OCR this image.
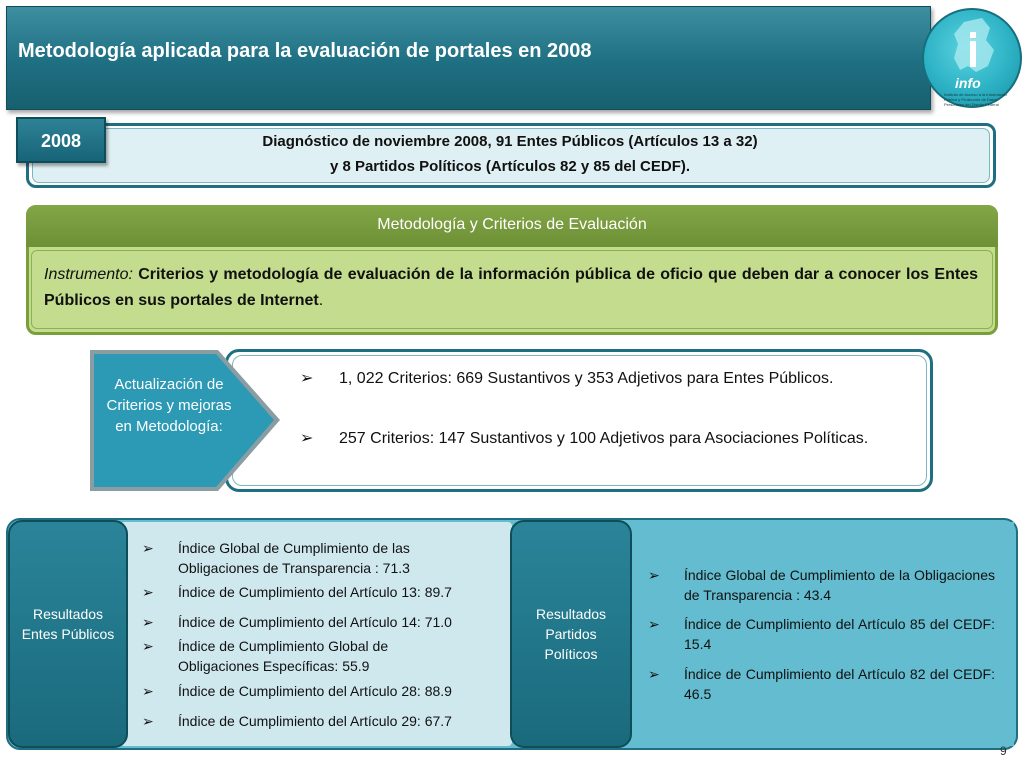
Metodología aplicada para la evaluación de portales en 2008
info
Instituto de Acceso a la Información Pública y Protección de Datos Personales del Distrito Federal
2008	Diagnóstico de noviembre 2008, 91 Entes Públicos (Artículos 13 a 32)
y 8 Partidos Políticos (Artículos 82 y 85 del CEDF).
Metodología y Criterios de Evaluación
Instrumento: Criterios y metodología de evaluación de la información pública de oficio que deben dar a conocer los Entes Públicos en sus portales de Internet.
Actualización de Criterios y mejoras en Metodología:
➢	1, 022 Criterios: 669 Sustantivos y 353 Adjetivos para Entes Públicos.
➢	257 Criterios: 147 Sustantivos y 100 Adjetivos para Asociaciones Políticas.
Resultados Entes Públicos
Resultados Partidos Políticos
➢ Índice Global de Cumplimiento de las Obligaciones de Transparencia : 71.3
➢ Índice de Cumplimiento del Artículo 13: 89.7
➢ Índice de Cumplimiento del Artículo 14: 71.0
➢ Índice de Cumplimiento Global de Obligaciones Específicas: 55.9
➢ Índice de Cumplimiento del Artículo 28: 88.9
➢ Índice de Cumplimiento del Artículo 29: 67.7
➢ Índice Global de Cumplimiento de la Obligaciones de Transparencia : 43.4
➢ Índice de Cumplimiento del Artículo 85 del CEDF: 15.4
➢ Índice de Cumplimiento del Artículo 82 del CEDF: 46.5
9
